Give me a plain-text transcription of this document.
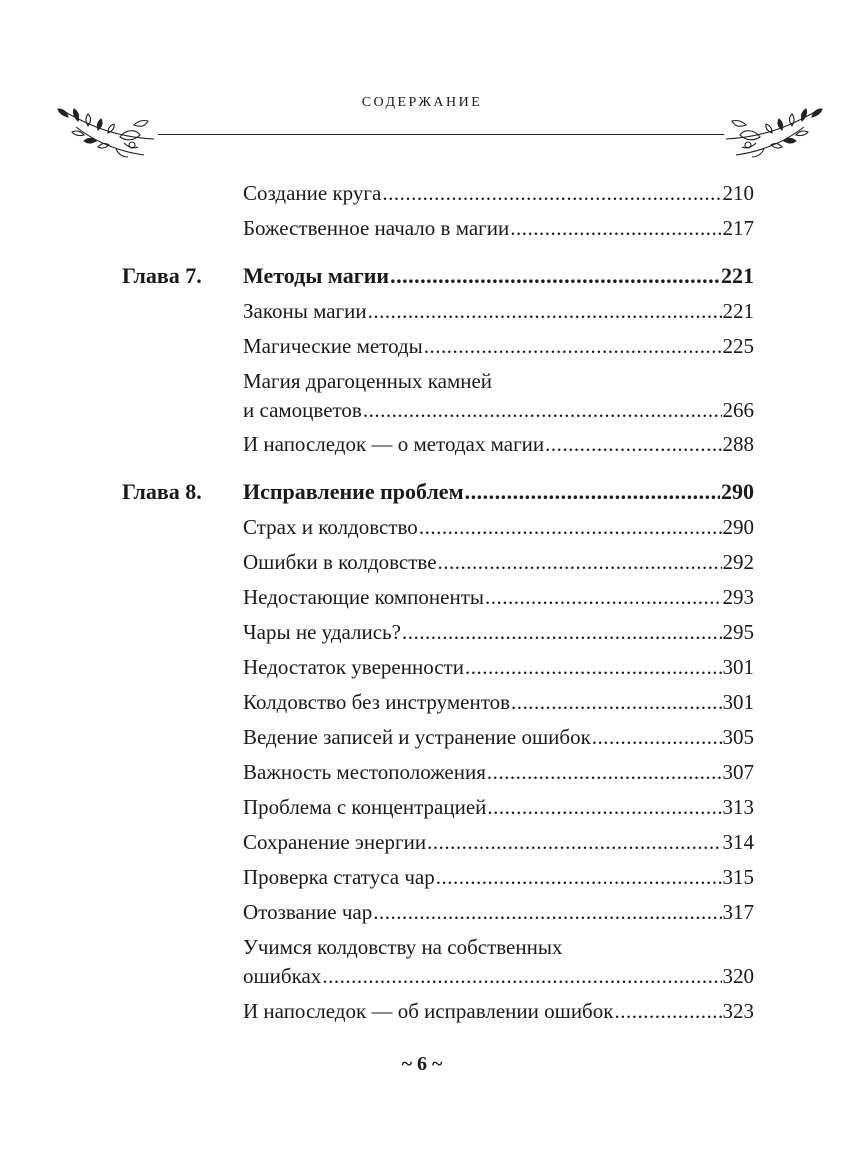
СОДЕРЖАНИЕ
Создание круга .....	210
Божественное начало в магии .....	217
Глава 7. Методы магии .....	221
Законы магии .....	221
Магические методы .....	225
Магия драгоценных камней
и самоцветов .....	266
И напоследок — о методах магии .....	288
Глава 8. Исправление проблем .....	290
Страх и колдовство .....	290
Ошибки в колдовстве .....	292
Недостающие компоненты .....	293
Чары не удались? .....	295
Недостаток уверенности .....	301
Колдовство без инструментов .....	301
Ведение записей и устранение ошибок .....	305
Важность местоположения .....	307
Проблема с концентрацией .....	313
Сохранение энергии .....	314
Проверка статуса чар .....	315
Отозвание чар .....	317
Учимся колдовству на собственных
ошибках .....	320
И напоследок — об исправлении ошибок .....	323
~ 6 ~
